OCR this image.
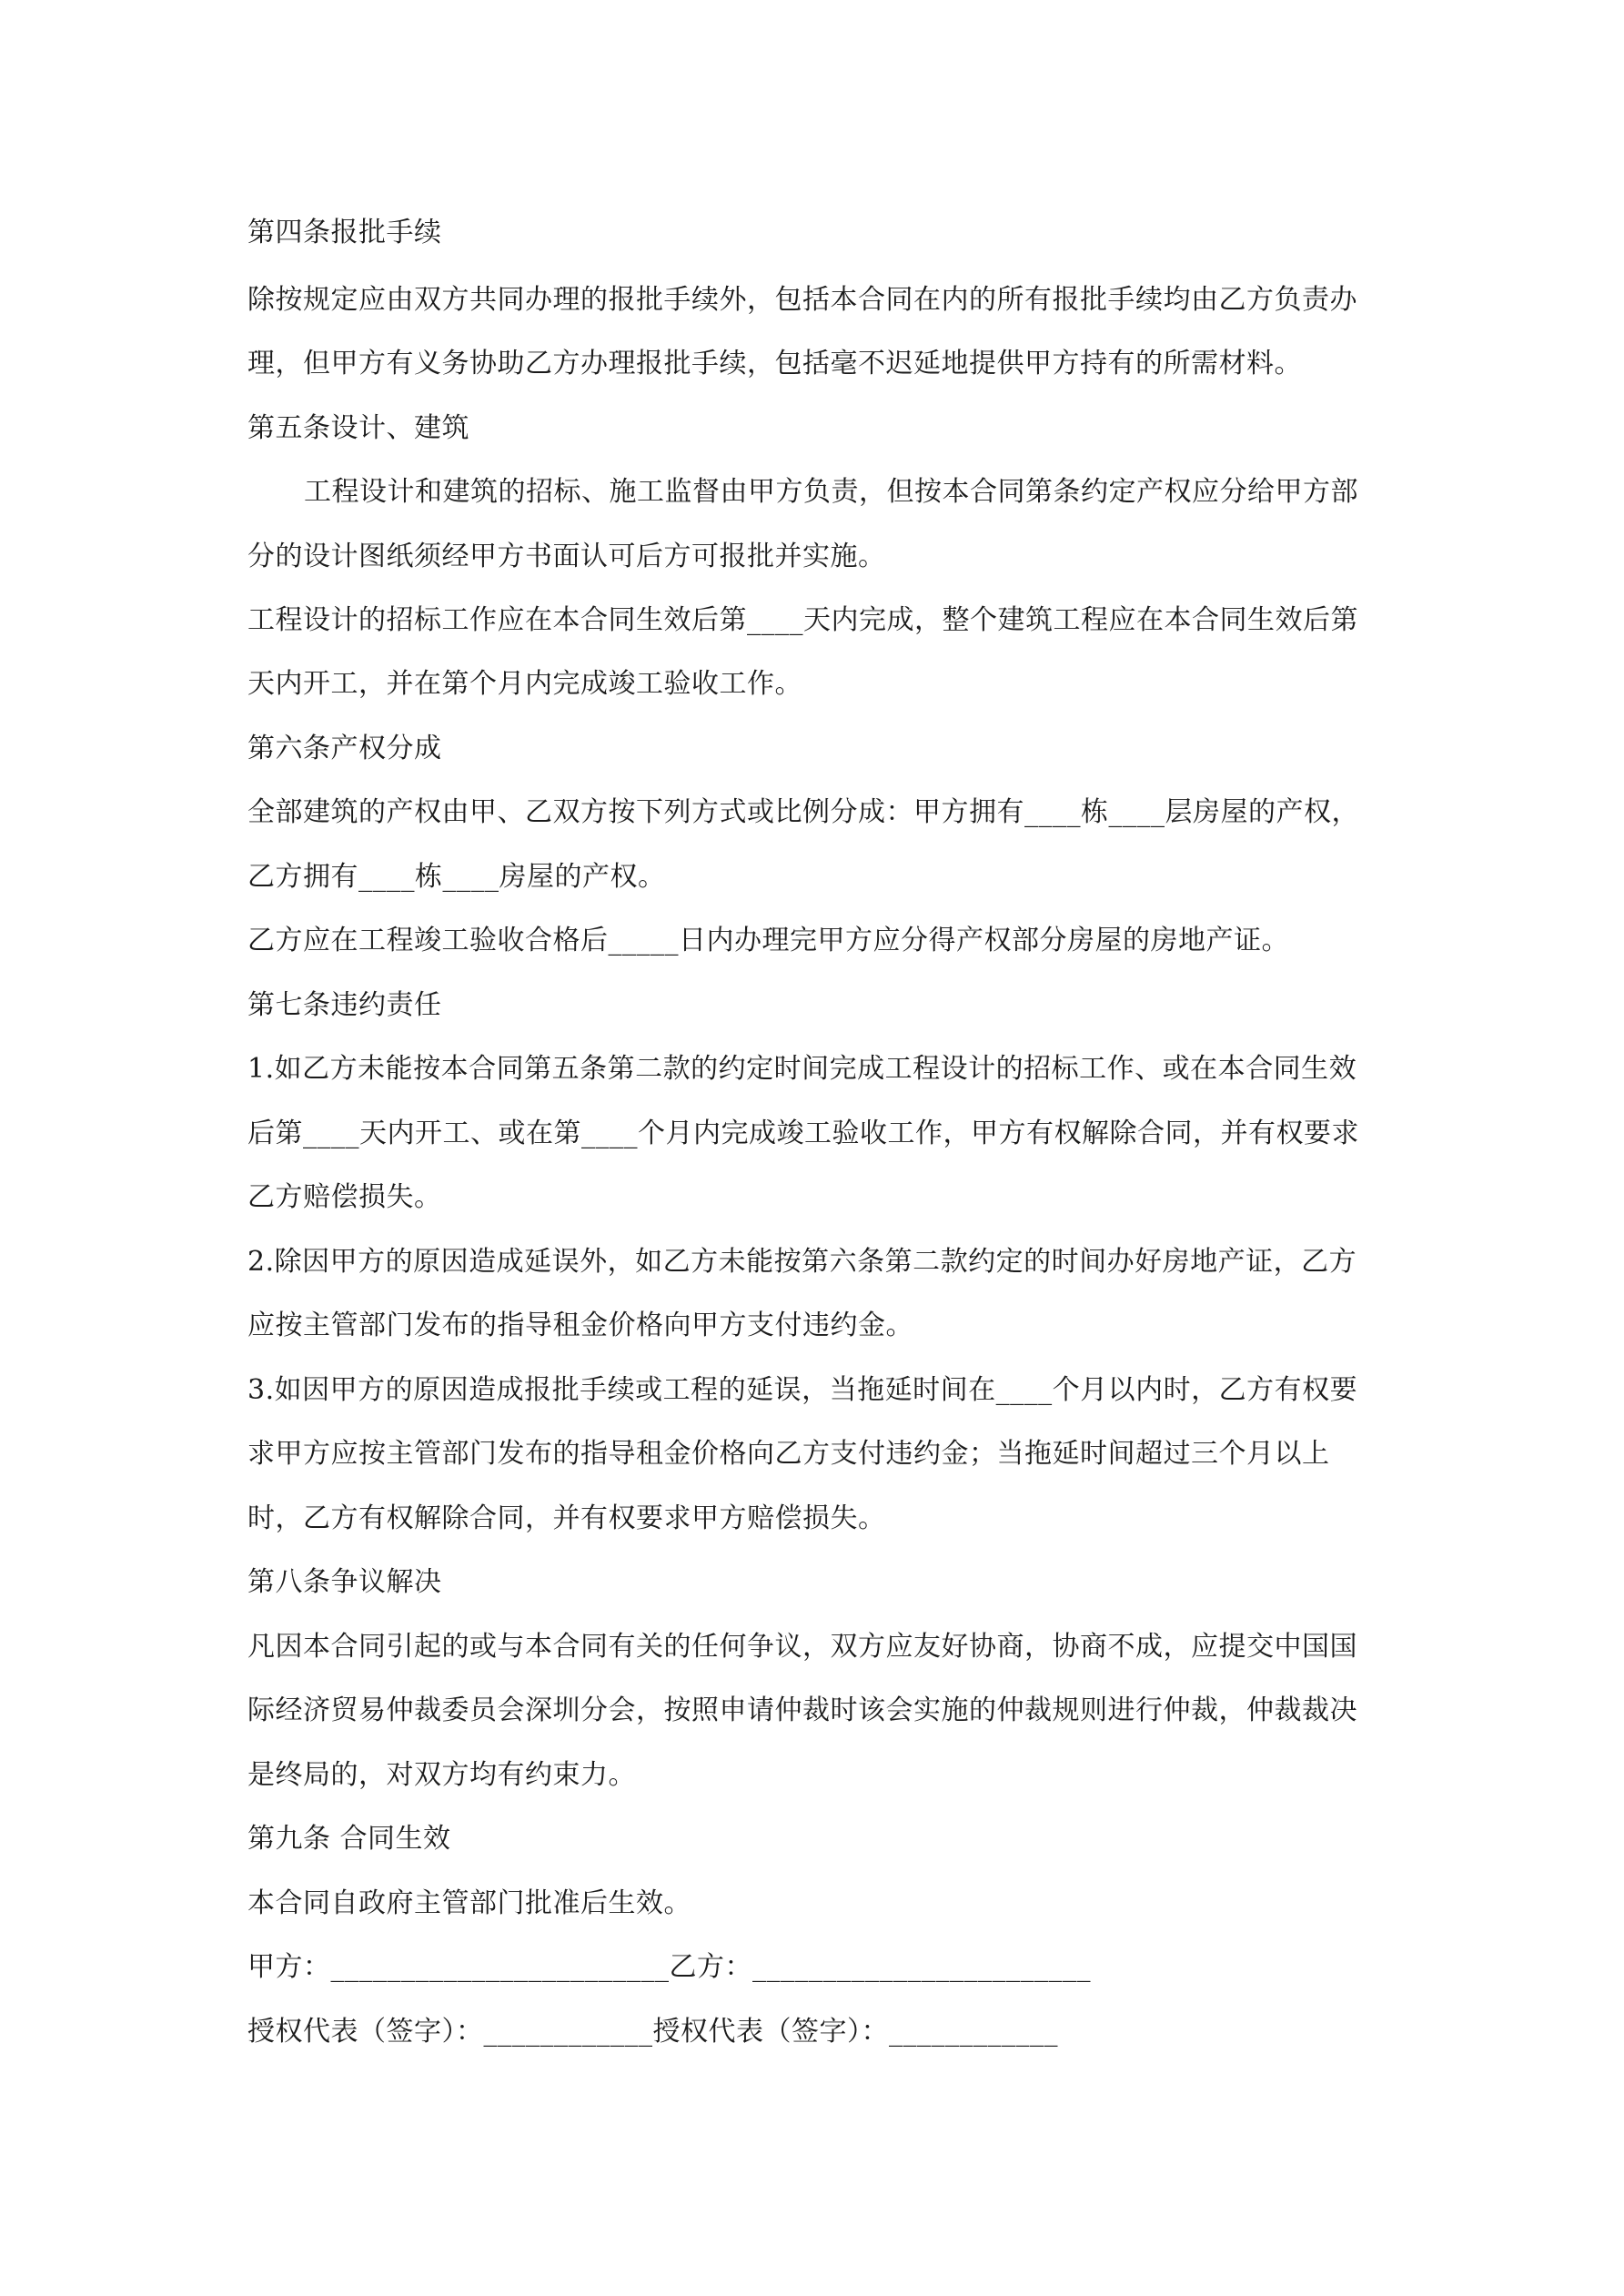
第四条报批手续
除按规定应由双方共同办理的报批手续外，包括本合同在内的所有报批手续均由乙方负责办
理，但甲方有义务协助乙方办理报批手续，包括毫不迟延地提供甲方持有的所需材料。
第五条设计、建筑
工程设计和建筑的招标、施工监督由甲方负责，但按本合同第条约定产权应分给甲方部
分的设计图纸须经甲方书面认可后方可报批并实施。
工程设计的招标工作应在本合同生效后第____天内完成，整个建筑工程应在本合同生效后第
天内开工，并在第个月内完成竣工验收工作。
第六条产权分成
全部建筑的产权由甲、乙双方按下列方式或比例分成：甲方拥有____栋____层房屋的产权，
乙方拥有____栋____房屋的产权。
乙方应在工程竣工验收合格后_____日内办理完甲方应分得产权部分房屋的房地产证。
第七条违约责任
1.如乙方未能按本合同第五条第二款的约定时间完成工程设计的招标工作、或在本合同生效
后第____天内开工、或在第____个月内完成竣工验收工作，甲方有权解除合同，并有权要求
乙方赔偿损失。
2.除因甲方的原因造成延误外，如乙方未能按第六条第二款约定的时间办好房地产证，乙方
应按主管部门发布的指导租金价格向甲方支付违约金。
3.如因甲方的原因造成报批手续或工程的延误，当拖延时间在____个月以内时，乙方有权要
求甲方应按主管部门发布的指导租金价格向乙方支付违约金；当拖延时间超过三个月以上
时，乙方有权解除合同，并有权要求甲方赔偿损失。
第八条争议解决
凡因本合同引起的或与本合同有关的任何争议，双方应友好协商，协商不成，应提交中国国
际经济贸易仲裁委员会深圳分会，按照申请仲裁时该会实施的仲裁规则进行仲裁，仲裁裁决
是终局的，对双方均有约束力。
第九条 合同生效
本合同自政府主管部门批准后生效。
甲方：________________________乙方：________________________
授权代表（签字）：____________授权代表（签字）：____________
